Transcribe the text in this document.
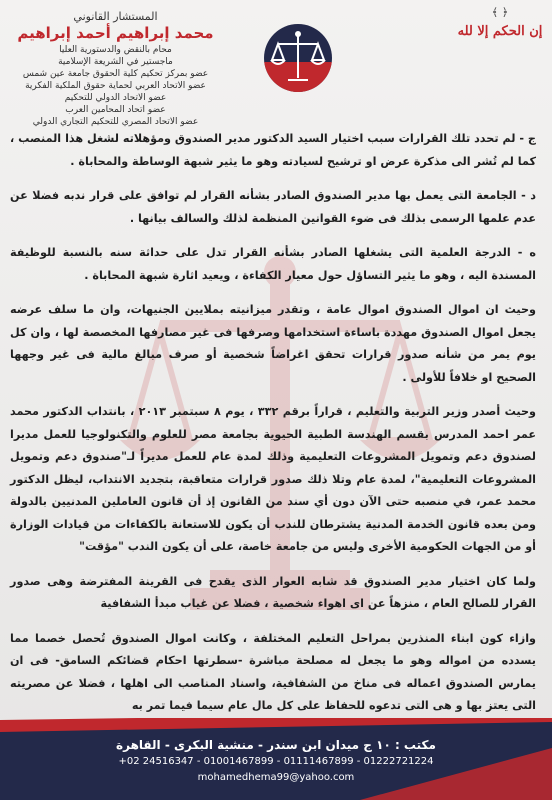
﴿ ﴾
إن الحكم إلا لله
المستشار القانوني
محمد إبراهيم أحمد إبراهيم
محام بالنقض والدستورية العليا
ماجستير في الشريعة الإسلامية
عضو بمركز تحكيم كلية الحقوق جامعة عين شمس
عضو الاتحاد العربي لحماية حقوق الملكية الفكرية
عضو الاتحاد الدولي للتحكيم
عضو اتحاد المحامين العرب
عضو الاتحاد المصري للتحكيم التجاري الدولي

ج - لم تحدد تلك القرارات سبب اختيار السيد الدكتور مدير الصندوق ومؤهلاته لشغل هذا المنصب ، كما لم تُشر الى مذكرة عرض او ترشيح لسيادته وهو ما يثير شبهة الوساطة والمحاباة .

د - الجامعة التى يعمل بها مدير الصندوق الصادر بشأنه القرار لم توافق على قرار ندبه فضلا عن عدم علمها الرسمى بذلك فى ضوء القوانين المنظمة لذلك والسالف بيانها .

ه - الدرجة العلمية التى يشغلها الصادر بشأنه القرار تدل على حداثة سنه بالنسبة للوظيفة المسندة اليه ، وهو ما يثير التساؤل حول معيار الكفاءة ، ويعيد اثارة شبهة المحاباة .

وحيث ان اموال الصندوق اموال عامة ، وتقدر ميزانيته بملايين الجنيهات، وان ما سلف عرضه يجعل اموال الصندوق مهددة باساءة استخدامها وصرفها فى غير مصارفها المخصصة لها ، وان كل يوم يمر من شأنه صدور قرارات تحقق اغراضاً شخصية أو صرف مبالغ مالية فى غير وجهها الصحيح او خلافاً للأولى .

وحيث أصدر وزير التربية والتعليم ، قراراً برقم ٣٣٢ ، يوم ٨ سبتمبر ٢٠١٣ ، بانتداب الدكتور محمد عمر احمد المدرس بقسم الهندسة الطبية الحيوية بجامعة مصر للعلوم والتكنولوجيا للعمل مديرا لصندوق دعم وتمويل المشروعات التعليمية وذلك لمدة عام للعمل مديراً لـ"صندوق دعم وتمويل المشروعات التعليمية"، لمدة عام وتلا ذلك صدور قرارات متعاقبة، بتجديد الانتداب، ليظل الدكتور محمد عمر، في منصبه حتى الآن دون أي سند من القانون إذ أن قانون العاملين المدنيين بالدولة ومن بعده قانون الخدمة المدنية يشترطان للندب أن يكون للاستعانة بالكفاءات من قيادات الوزارة أو من الجهات الحكومية الأخرى وليس من جامعة خاصة، على أن يكون الندب "مؤقت"

ولما كان اختيار مدير الصندوق قد شابه العوار الذى يقدح فى القرينة المفترضة وهى صدور القرار للصالح العام ، منزهاً عن اى اهواء شخصية ، فضلا عن غياب مبدأ الشفافية

وازاء كون ابناء المنذرين بمراحل التعليم المختلفة ، وكانت اموال الصندوق تُحصل خصما مما يسدده من امواله وهو ما يجعل له مصلحة مباشرة -سطرتها احكام قضائكم السامق- فى ان يمارس الصندوق اعماله فى مناخ من الشفافية، واسناد المناصب الى اهلها ، فضلا عن مصريته التى يعتز بها و هى التى تدعوه للحفاظ على كل مال عام سيما فيما تمر به

مكتب : ١٠ ج ميدان ابن سندر - منشية البكرى - القاهرة
+02 24516347 - 01001467899 - 01111467899 - 01222721224
mohamedhema99@yahoo.com
